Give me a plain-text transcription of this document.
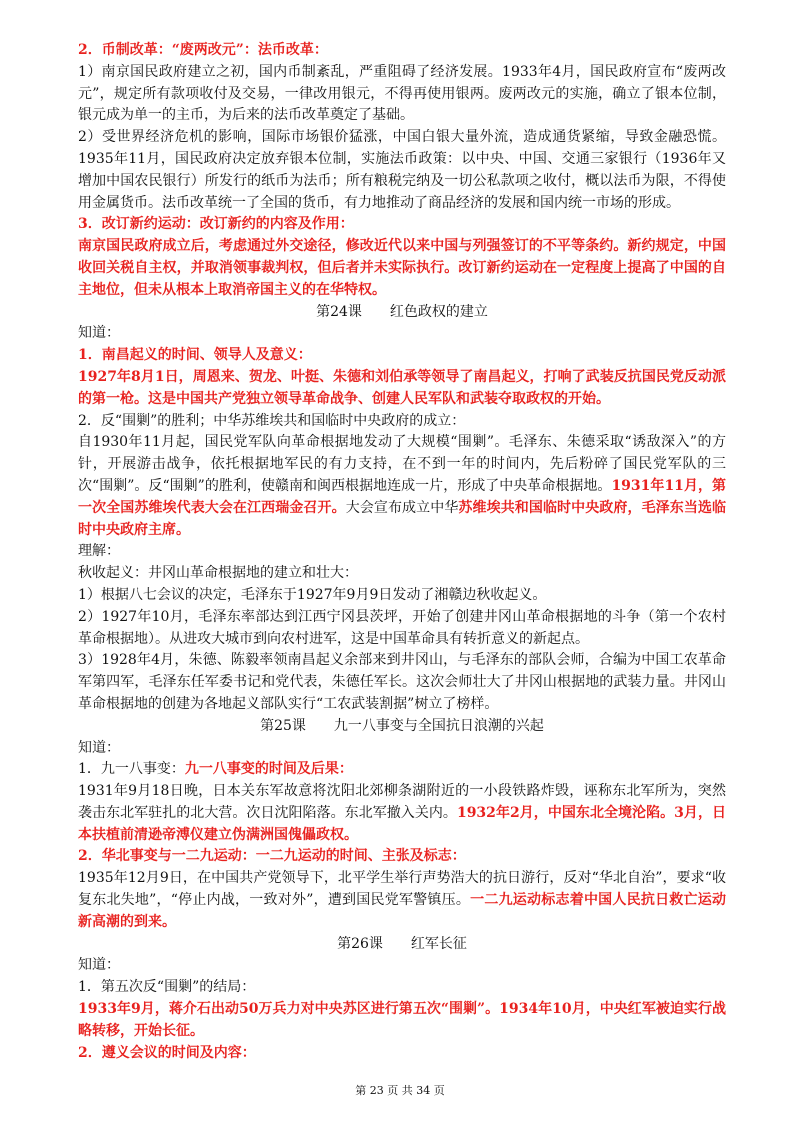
2．币制改革：“废两改元”：法币改革：

1）南京国民政府建立之初，国内币制紊乱，严重阻碍了经济发展。1933年4月，国民政府宣布“废两改元”，规定所有款项收付及交易，一律改用银元，不得再使用银两。废两改元的实施，确立了银本位制，银元成为单一的主币，为后来的法币改革奠定了基础。

2）受世界经济危机的影响，国际市场银价猛涨，中国白银大量外流，造成通货紧缩，导致金融恐慌。1935年11月，国民政府决定放弃银本位制，实施法币政策：以中央、中国、交通三家银行（1936年又增加中国农民银行）所发行的纸币为法币；所有粮税完纳及一切公私款项之收付，概以法币为限，不得使用金属货币。法币改革统一了全国的货币，有力地推动了商品经济的发展和国内统一市场的形成。

3．改订新约运动：改订新约的内容及作用：

南京国民政府成立后，考虑通过外交途径，修改近代以来中国与列强签订的不平等条约。新约规定，中国收回关税自主权，并取消领事裁判权，但后者并未实际执行。改订新约运动在一定程度上提高了中国的自主地位，但未从根本上取消帝国主义的在华特权。

第24课 红色政权的建立

知道：

1．南昌起义的时间、领导人及意义：

1927年8月1日，周恩来、贺龙、叶挺、朱德和刘伯承等领导了南昌起义，打响了武装反抗国民党反动派的第一枪。这是中国共产党独立领导革命战争、创建人民军队和武装夺取政权的开始。

2．反“围剿”的胜利；中华苏维埃共和国临时中央政府的成立：

自1930年11月起，国民党军队向革命根据地发动了大规模“围剿”。毛泽东、朱德采取“诱敌深入”的方针，开展游击战争，依托根据地军民的有力支持，在不到一年的时间内，先后粉碎了国民党军队的三次“围剿”。反“围剿”的胜利，使赣南和闽西根据地连成一片，形成了中央革命根据地。1931年11月，第一次全国苏维埃代表大会在江西瑞金召开。大会宣布成立中华苏维埃共和国临时中央政府，毛泽东当选临时中央政府主席。

理解：

秋收起义：井冈山革命根据地的建立和壮大：

1）根据八七会议的决定，毛泽东于1927年9月9日发动了湘赣边秋收起义。

2）1927年10月，毛泽东率部达到江西宁冈县茨坪，开始了创建井冈山革命根据地的斗争（第一个农村革命根据地）。从进攻大城市到向农村进军，这是中国革命具有转折意义的新起点。

3）1928年4月，朱德、陈毅率领南昌起义余部来到井冈山，与毛泽东的部队会师，合编为中国工农革命军第四军，毛泽东任军委书记和党代表，朱德任军长。这次会师壮大了井冈山根据地的武装力量。井冈山革命根据地的创建为各地起义部队实行“工农武装割据”树立了榜样。

第25课 九一八事变与全国抗日浪潮的兴起

知道：

1．九一八事变：九一八事变的时间及后果：

1931年9月18日晚，日本关东军故意将沈阳北郊柳条湖附近的一小段铁路炸毁，诬称东北军所为，突然袭击东北军驻扎的北大营。次日沈阳陷落。东北军撤入关内。1932年2月，中国东北全境沦陷。3月，日本扶植前清逊帝溥仪建立伪满洲国傀儡政权。

2．华北事变与一二九运动：一二九运动的时间、主张及标志：

1935年12月9日，在中国共产党领导下，北平学生举行声势浩大的抗日游行，反对“华北自治”，要求“收复东北失地”，“停止内战，一致对外”，遭到国民党军警镇压。一二九运动标志着中国人民抗日救亡运动新高潮的到来。

第26课 红军长征

知道：

1．第五次反“围剿”的结局：

1933年9月，蒋介石出动50万兵力对中央苏区进行第五次“围剿”。1934年10月，中央红军被迫实行战略转移，开始长征。

2．遵义会议的时间及内容：

第 23 页 共 34 页
